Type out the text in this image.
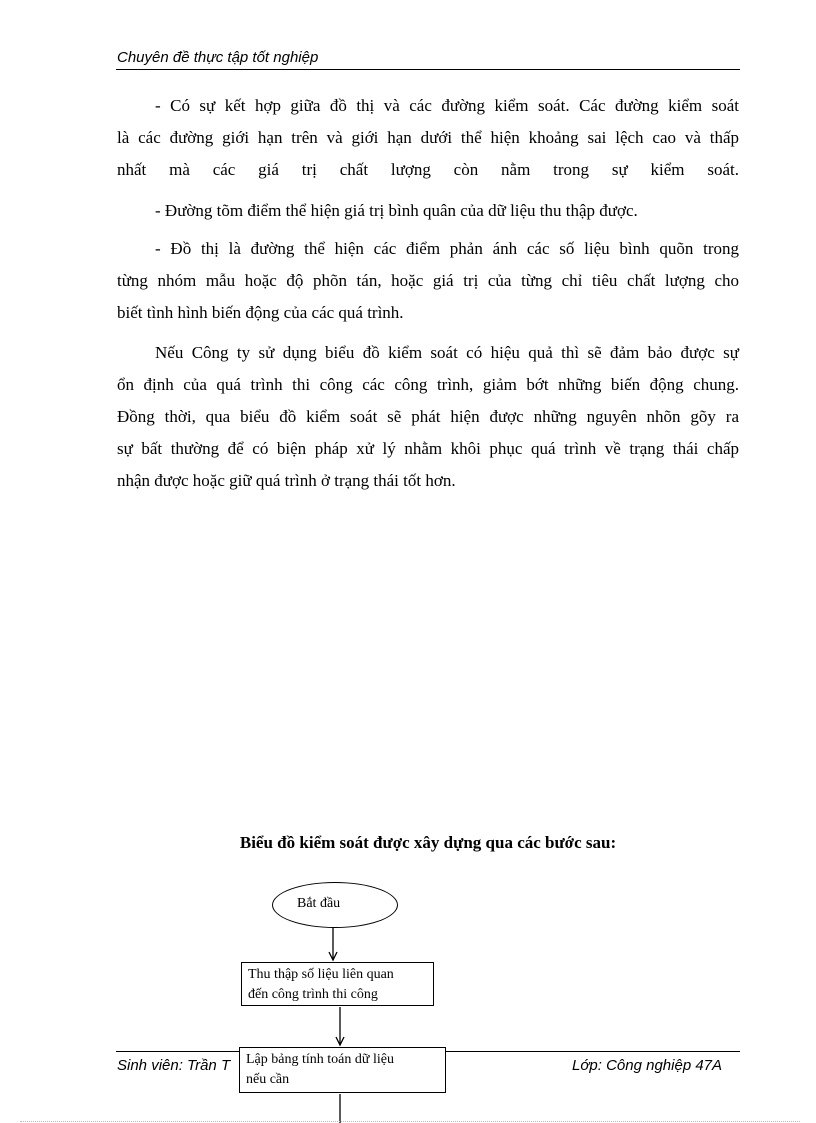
Chuyên đề thực tập tốt nghiệp
- Có sự kết hợp giữa đồ thị và các đường kiểm soát. Các đường kiểm soát
là các đường giới hạn trên và giới hạn dưới thể hiện khoảng sai lệch cao và thấp
nhất mà các giá trị chất lượng còn nằm trong sự kiểm soát.
- Đường tõm điểm thể hiện giá trị bình quân của dữ liệu thu thập được.
- Đồ thị là đường thể hiện các điểm phản ánh các số liệu bình quõn trong
từng nhóm mẫu hoặc độ phõn tán, hoặc giá trị của từng chỉ tiêu chất lượng cho
biết tình hình biến động của các quá trình.
Nếu Công ty sử dụng biểu đồ kiểm soát có hiệu quả thì sẽ đảm bảo được sự
ổn định của quá trình thi công các công trình, giảm bớt những biến động chung.
Đồng thời, qua biểu đồ kiểm soát sẽ phát hiện được những nguyên nhõn gõy ra
sự bất thường để có biện pháp xử lý nhằm khôi phục quá trình về trạng thái chấp
nhận được hoặc giữ quá trình ở trạng thái tốt hơn.
Biểu đồ kiểm soát được xây dựng qua các bước sau:
Bắt đầu
Thu thập số liệu liên quan
đến công trình thi công
Sinh viên: Trần T	Lớp: Công nghiệp 47A
Lập bảng tính toán dữ liệu
nếu cần
